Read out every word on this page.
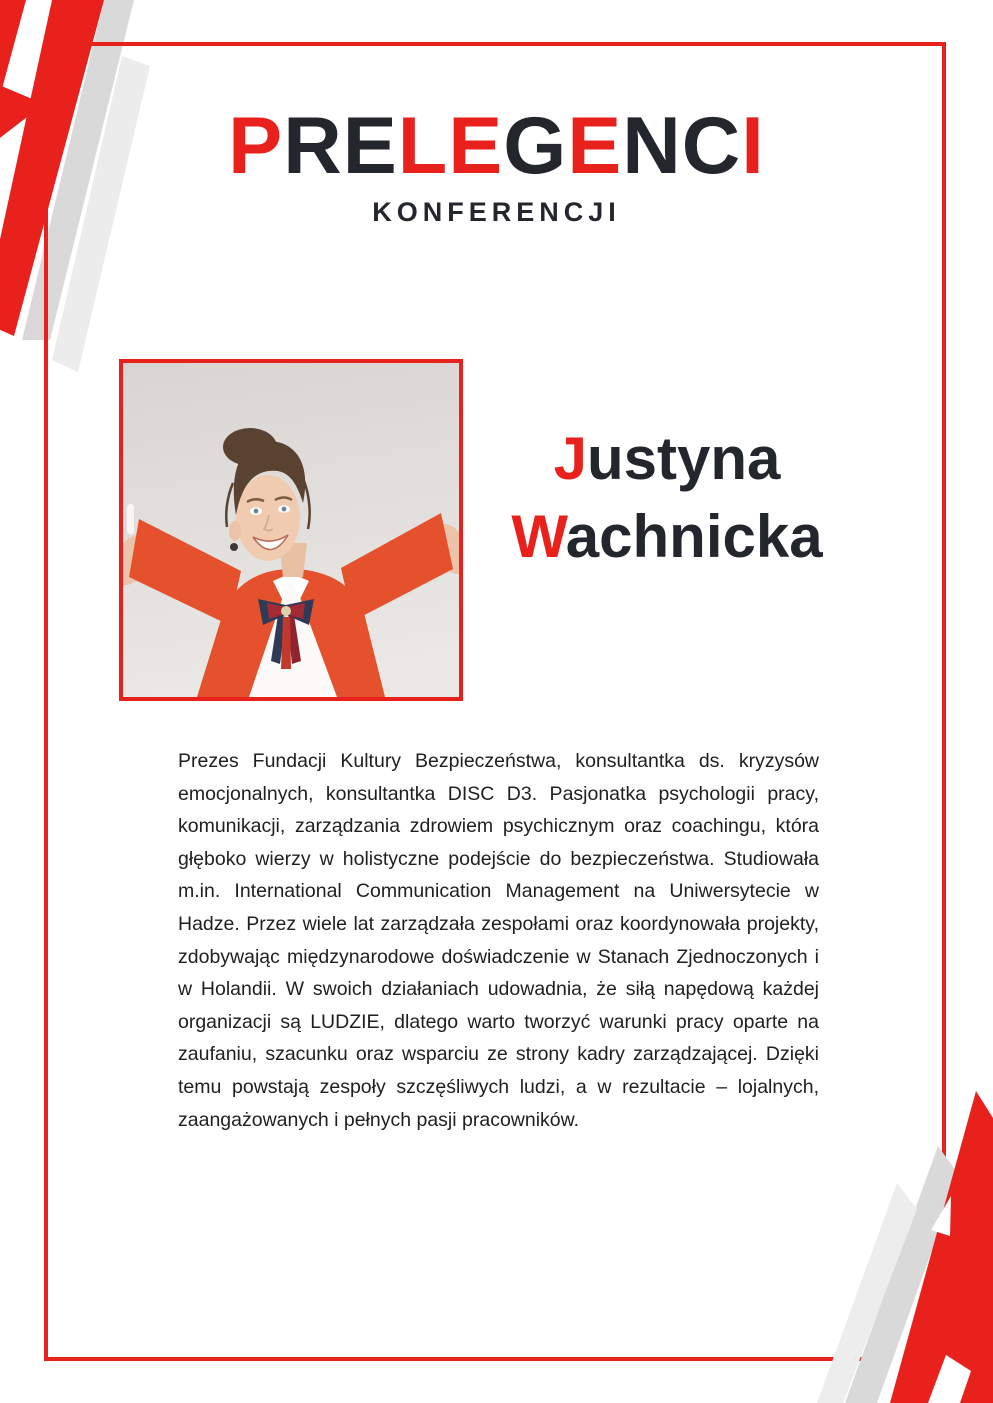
PRELEGENCI
KONFERENCJI
Justyna
Wachnicka

Prezes Fundacji Kultury Bezpieczeństwa, konsultantka ds. kryzysów emocjonalnych, konsultantka DISC D3. Pasjonatka psychologii pracy, komunikacji, zarządzania zdrowiem psychicznym oraz coachingu, która głęboko wierzy w holistyczne podejście do bezpieczeństwa. Studiowała m.in. International Communication Management na Uniwersytecie w Hadze. Przez wiele lat zarządzała zespołami oraz koordynowała projekty, zdobywając międzynarodowe doświadczenie w Stanach Zjednoczonych i w Holandii. W swoich działaniach udowadnia, że siłą napędową każdej organizacji są LUDZIE, dlatego warto tworzyć warunki pracy oparte na zaufaniu, szacunku oraz wsparciu ze strony kadry zarządzającej. Dzięki temu powstają zespoły szczęśliwych ludzi, a w rezultacie – lojalnych, zaangażowanych i pełnych pasji pracowników.
